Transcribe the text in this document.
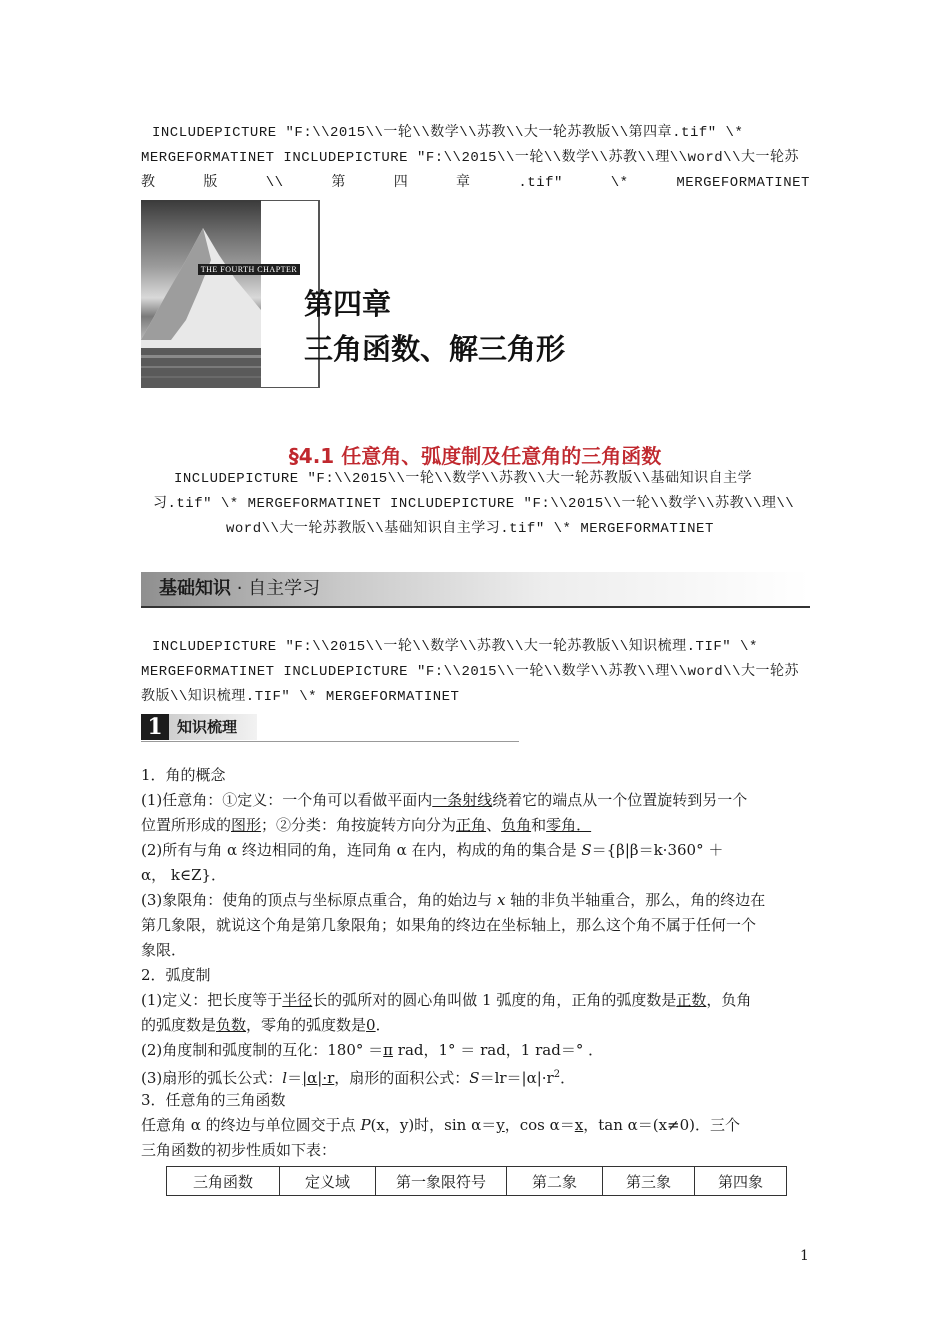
INCLUDEPICTURE "F:\\2015\\一轮\\数学\\苏教\\大一轮苏教版\\第四章.tif" \*
MERGEFORMATINET INCLUDEPICTURE "F:\\2015\\一轮\\数学\\苏教\\理\\word\\大一轮苏
教	版	\\	第	四	章	.tif"	\*	MERGEFORMATINET
THE FOURTH CHAPTER
第四章
三角函数、解三角形
§4.1 任意角、弧度制及任意角的三角函数
INCLUDEPICTURE "F:\\2015\\一轮\\数学\\苏教\\大一轮苏教版\\基础知识自主学
习.tif" \* MERGEFORMATINET INCLUDEPICTURE "F:\\2015\\一轮\\数学\\苏教\\理\\
word\\大一轮苏教版\\基础知识自主学习.tif" \* MERGEFORMATINET
基础知识 · 自主学习
INCLUDEPICTURE "F:\\2015\\一轮\\数学\\苏教\\大一轮苏教版\\知识梳理.TIF" \*
MERGEFORMATINET INCLUDEPICTURE "F:\\2015\\一轮\\数学\\苏教\\理\\word\\大一轮苏
教版\\知识梳理.TIF" \* MERGEFORMATINET
1 知识梳理
1．角的概念
(1)任意角：①定义：一个角可以看做平面内一条射线绕着它的端点从一个位置旋转到另一个
位置所形成的图形；②分类：角按旋转方向分为正角、负角和零角．
(2)所有与角 α 终边相同的角，连同角 α 在内，构成的角的集合是 S＝{β|β＝k·360° ＋
α， k∈Z}．
(3)象限角：使角的顶点与坐标原点重合，角的始边与 x 轴的非负半轴重合，那么，角的终边在
第几象限，就说这个角是第几象限角；如果角的终边在坐标轴上，那么这个角不属于任何一个
象限．
2．弧度制
(1)定义：把长度等于半径长的弧所对的圆心角叫做 1 弧度的角，正角的弧度数是正数，负角
的弧度数是负数，零角的弧度数是0．
(2)角度制和弧度制的互化：180° ＝π rad，1° ＝ rad，1 rad＝° ．
(3)扇形的弧长公式：l＝|α|·r，扇形的面积公式：$S=lr=|\alpha|\cdot r^2$．
3．任意角的三角函数
任意角 α 的终边与单位圆交于点 P(x，y)时，sin α＝y，cos α＝x，tan α＝(x≠0)．三个
三角函数的初步性质如下表：
三角函数	定义域	第一象限符号	第二象	第三象	第四象
1
